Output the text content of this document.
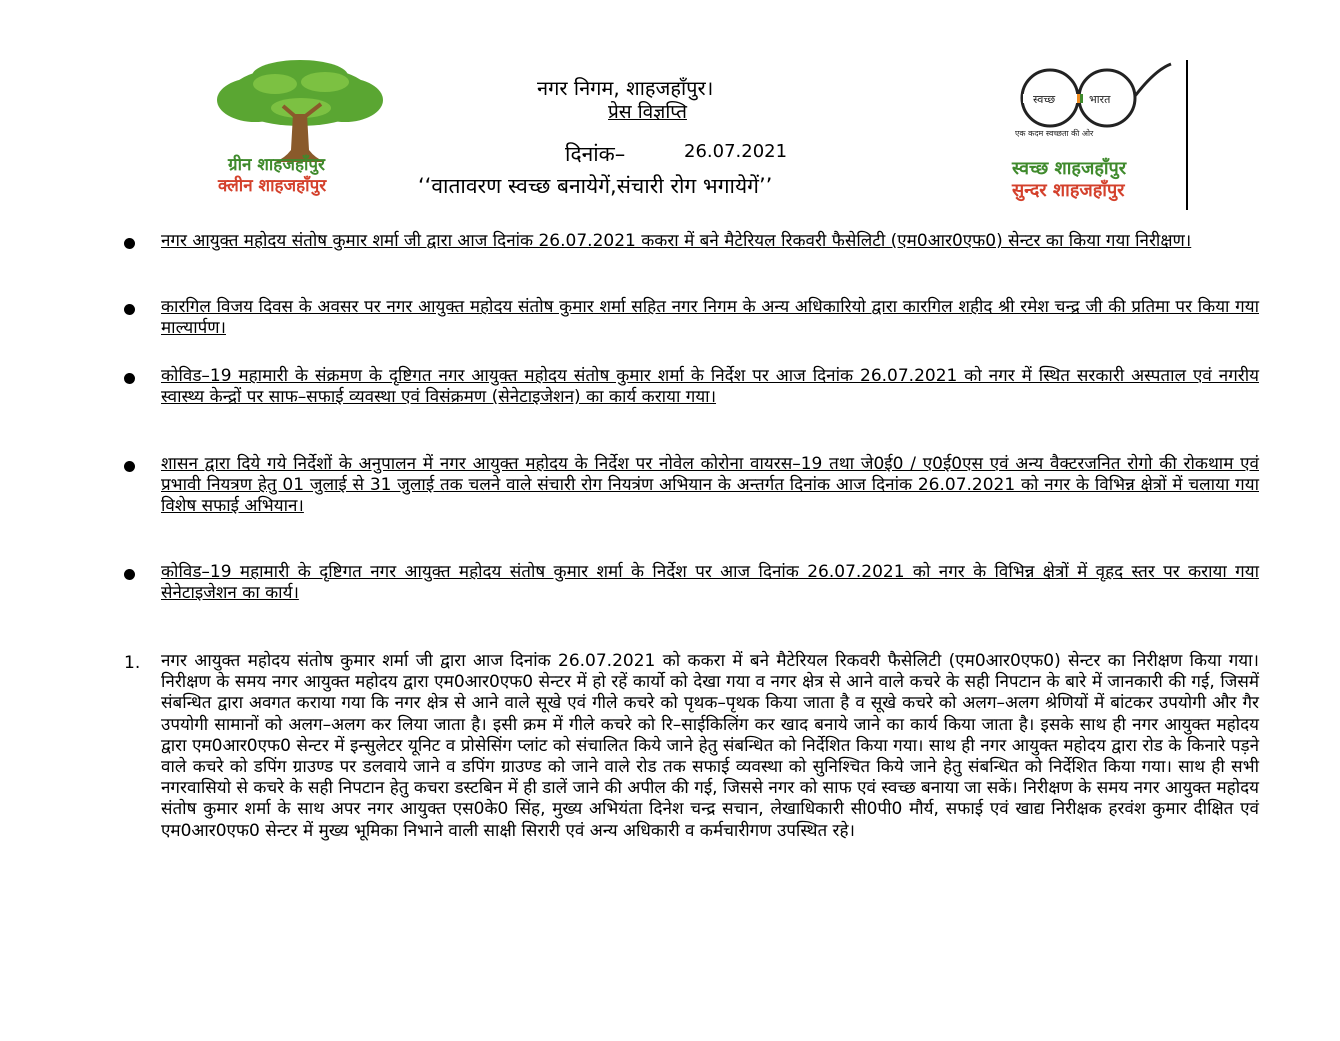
ग्रीन शाहजहाँपुर
क्लीन शाहजहाँपुर
नगर निगम, शाहजहाँपुर।
प्रेस विज्ञप्ति
दिनांक–	26.07.2021
‘‘वातावरण स्वच्छ बनायेगें,संचारी रोग भगायेगें’’
स्वच्छ	भारत
एक कदम स्वच्छता की ओर
स्वच्छ शाहजहाँपुर
सुन्दर शाहजहाँपुर
नगर आयुक्त महोदय संतोष कुमार शर्मा जी द्वारा आज दिनांक 26.07.2021 ककरा में बने मैटेरियल रिकवरी फैसेलिटी (एम0आर0एफ0) सेन्टर का किया गया निरीक्षण।
कारगिल विजय दिवस के अवसर पर नगर आयुक्त महोदय संतोष कुमार शर्मा सहित नगर निगम के अन्य अधिकारियो द्वारा कारगिल शहीद श्री रमेश चन्द्र जी की प्रतिमा पर किया गया माल्यार्पण।
कोविड–19 महामारी के संक्रमण के दृष्टिगत नगर आयुक्त महोदय संतोष कुमार शर्मा के निर्देश पर आज दिनांक 26.07.2021 को नगर में स्थित सरकारी अस्पताल एवं नगरीय स्वास्थ्य केन्द्रों पर साफ–सफाई व्यवस्था एवं विसंक्रमण (सेनेटाइजेशन) का कार्य कराया गया।
शासन द्वारा दिये गये निर्देशों के अनुपालन में नगर आयुक्त महोदय के निर्देश पर नोवेल कोरोना वायरस–19 तथा जे0ई0 / ए0ई0एस एवं अन्य वैक्टरजनित रोगो की रोकथाम एवं प्रभावी नियत्रण हेतु 01 जुलाई से 31 जुलाई तक चलने वाले संचारी रोग नियत्रंण अभियान के अन्तर्गत दिनांक आज दिनांक 26.07.2021 को नगर के विभिन्न क्षेत्रों में चलाया गया विशेष सफाई अभियान।
कोविड–19 महामारी के दृष्टिगत नगर आयुक्त महोदय संतोष कुमार शर्मा के निर्देश पर आज दिनांक 26.07.2021 को नगर के विभिन्न क्षेत्रों में वृहद स्तर पर कराया गया सेनेटाइजेशन का कार्य।
1. नगर आयुक्त महोदय संतोष कुमार शर्मा जी द्वारा आज दिनांक 26.07.2021 को ककरा में बने मैटेरियल रिकवरी फैसेलिटी (एम0आर0एफ0) सेन्टर का निरीक्षण किया गया। निरीक्षण के समय नगर आयुक्त महोदय द्वारा एम0आर0एफ0 सेन्टर में हो रहें कार्यो को देखा गया व नगर क्षेत्र से आने वाले कचरे के सही निपटान के बारे में जानकारी की गई, जिसमें संबन्धित द्वारा अवगत कराया गया कि नगर क्षेत्र से आने वाले सूखे एवं गीले कचरे को पृथक–पृथक किया जाता है व सूखे कचरे को अलग–अलग श्रेणियों में बांटकर उपयोगी और गैर उपयोगी सामानों को अलग–अलग कर लिया जाता है। इसी क्रम में गीले कचरे को रि–साईकिलिंग कर खाद बनाये जाने का कार्य किया जाता है। इसके साथ ही नगर आयुक्त महोदय द्वारा एम0आर0एफ0 सेन्टर में इन्सुलेटर यूनिट व प्रोसेसिंग प्लांट को संचालित किये जाने हेतु संबन्धित को निर्देशित किया गया। साथ ही नगर आयुक्त महोदय द्वारा रोड के किनारे पड़ने वाले कचरे को डपिंग ग्राउण्ड पर डलवाये जाने व डपिंग ग्राउण्ड को जाने वाले रोड तक सफाई व्यवस्था को सुनिश्चित किये जाने हेतु संबन्धित को निर्देशित किया गया। साथ ही सभी नगरवासियो से कचरे के सही निपटान हेतु कचरा डस्टबिन में ही डालें जाने की अपील की गई, जिससे नगर को साफ एवं स्वच्छ बनाया जा सकें। निरीक्षण के समय नगर आयुक्त महोदय संतोष कुमार शर्मा के साथ अपर नगर आयुक्त एस0के0 सिंह, मुख्य अभियंता दिनेश चन्द्र सचान, लेखाधिकारी सी0पी0 मौर्य, सफाई एवं खाद्य निरीक्षक हरवंश कुमार दीक्षित एवं एम0आर0एफ0 सेन्टर में मुख्य भूमिका निभाने वाली साक्षी सिरारी एवं अन्य अधिकारी व कर्मचारीगण उपस्थित रहे।
